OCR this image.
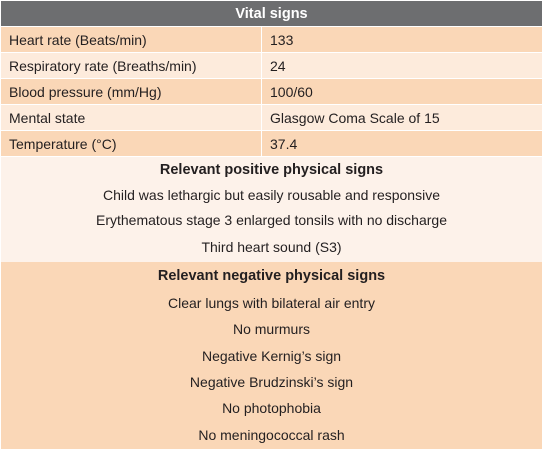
Vital signs	
Heart rate (Beats/min)	133
Respiratory rate (Breaths/min)	24
Blood pressure (mm/Hg)	100/60
Mental state	Glasgow Coma Scale of 15
Temperature (°C)	37.4
Relevant positive physical signs	
Child was lethargic but easily rousable and responsive	
Erythematous stage 3 enlarged tonsils with no discharge	
Third heart sound (S3)	
Relevant negative physical signs	
Clear lungs with bilateral air entry	
No murmurs	
Negative Kernig’s sign	
Negative Brudzinski’s sign	
No photophobia	
No meningococcal rash	
